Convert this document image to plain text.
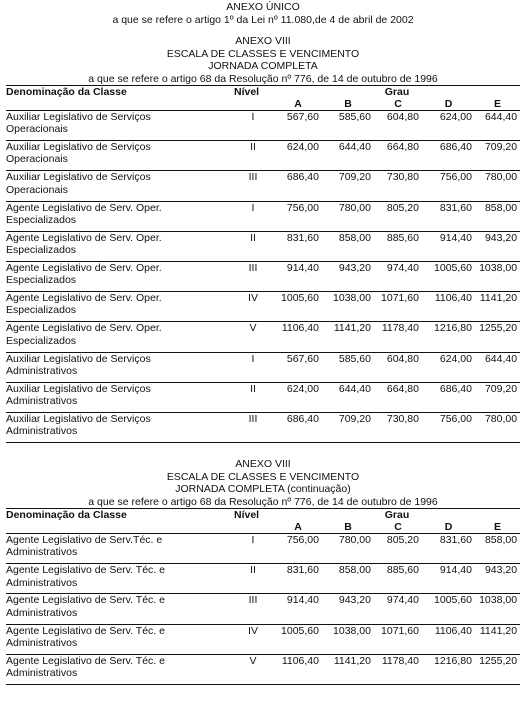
ANEXO ÚNICO
a que se refere o artigo 1º da Lei nº 11.080,de 4 de abril de 2002
ANEXO VIII
ESCALA DE CLASSES E VENCIMENTO
JORNADA COMPLETA
a que se refere o artigo 68 da Resolução nº 776, de 14 de outubro de 1996
Denominação da Classe	Nível	Grau				
		A	B	C	D	E

Auxiliar Legislativo de Serviços
Operacionais	I	567,60	585,60	604,80	624,00	644,40

Auxiliar Legislativo de Serviços
Operacionais	II	624,00	644,40	664,80	686,40	709,20

Auxiliar Legislativo de Serviços
Operacionais	III	686,40	709,20	730,80	756,00	780,00

Agente Legislativo de Serv. Oper.
Especializados	I	756,00	780,00	805,20	831,60	858,00

Agente Legislativo de Serv. Oper.
Especializados	II	831,60	858,00	885,60	914,40	943,20

Agente Legislativo de Serv. Oper.
Especializados	III	914,40	943,20	974,40	1005,60	1038,00

Agente Legislativo de Serv. Oper.
Especializados	IV	1005,60	1038,00	1071,60	1106,40	1141,20

Agente Legislativo de Serv. Oper.
Especializados	V	1106,40	1141,20	1178,40	1216,80	1255,20

Auxiliar Legislativo de Serviços
Administrativos	I	567,60	585,60	604,80	624,00	644,40

Auxiliar Legislativo de Serviços
Administrativos	II	624,00	644,40	664,80	686,40	709,20

Auxiliar Legislativo de Serviços
Administrativos	III	686,40	709,20	730,80	756,00	780,00
ANEXO VIII
ESCALA DE CLASSES E VENCIMENTO
JORNADA COMPLETA (continuação)
a que se refere o artigo 68 da Resolução nº 776, de 14 de outubro de 1996
Denominação da Classe	Nível	Grau				
		A	B	C	D	E

Agente Legislativo de Serv.Téc. e
Administrativos	I	756,00	780,00	805,20	831,60	858,00

Agente Legislativo de Serv. Téc. e
Administrativos	II	831,60	858,00	885,60	914,40	943,20

Agente Legislativo de Serv. Téc. e
Administrativos	III	914,40	943,20	974,40	1005,60	1038,00

Agente Legislativo de Serv. Téc. e
Administrativos	IV	1005,60	1038,00	1071,60	1106,40	1141,20

Agente Legislativo de Serv. Téc. e
Administrativos	V	1106,40	1141,20	1178,40	1216,80	1255,20
